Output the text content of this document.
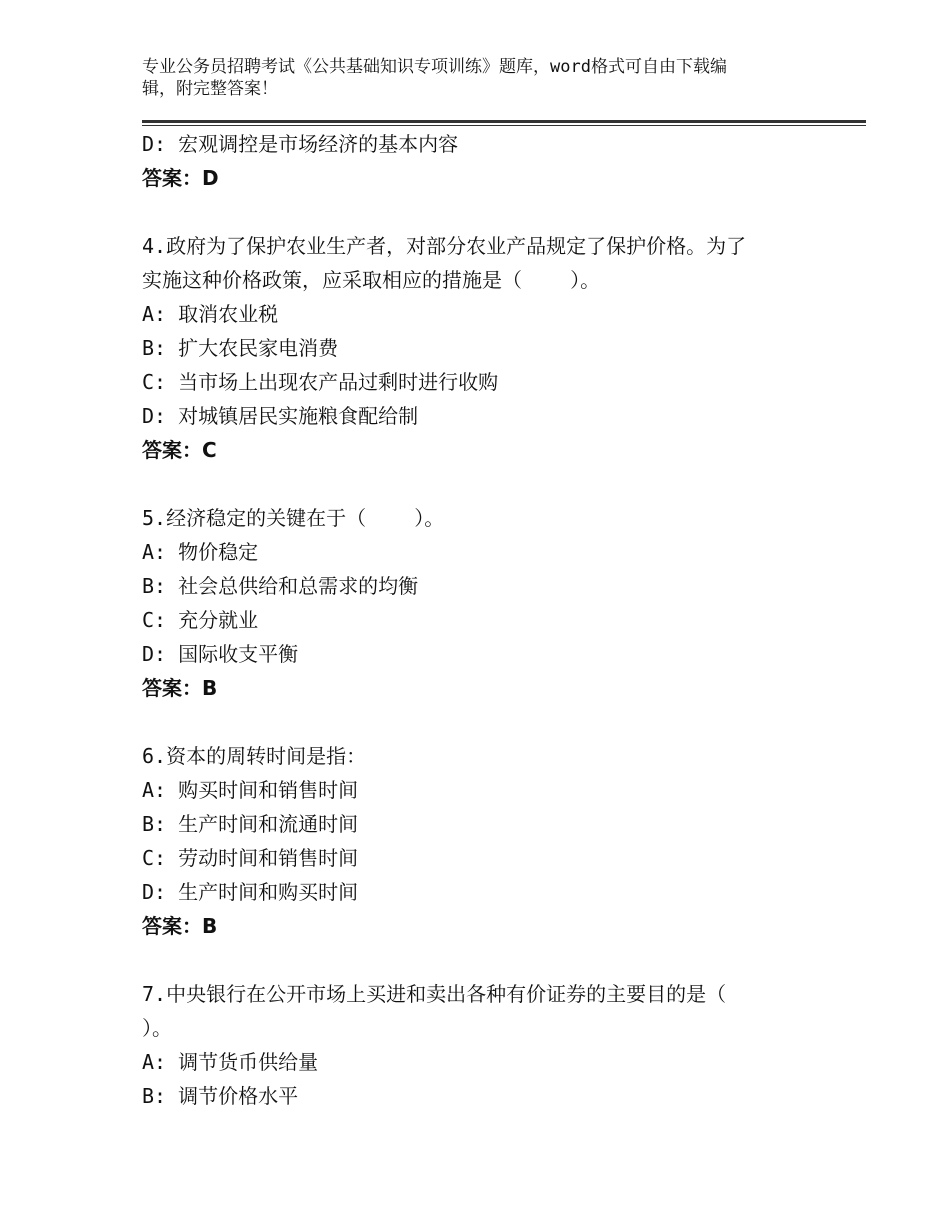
专业公务员招聘考试《公共基础知识专项训练》题库，word格式可自由下载编
辑，附完整答案！
D: 宏观调控是市场经济的基本内容
答案：D
4.政府为了保护农业生产者，对部分农业产品规定了保护价格。为了
实施这种价格政策，应采取相应的措施是（    ）。
A: 取消农业税
B: 扩大农民家电消费
C: 当市场上出现农产品过剩时进行收购
D: 对城镇居民实施粮食配给制
答案：C
5.经济稳定的关键在于（    ）。
A: 物价稳定
B: 社会总供给和总需求的均衡
C: 充分就业
D: 国际收支平衡
答案：B
6.资本的周转时间是指：
A: 购买时间和销售时间
B: 生产时间和流通时间
C: 劳动时间和销售时间
D: 生产时间和购买时间
答案：B
7.中央银行在公开市场上买进和卖出各种有价证券的主要目的是（
）。
A: 调节货币供给量
B: 调节价格水平
